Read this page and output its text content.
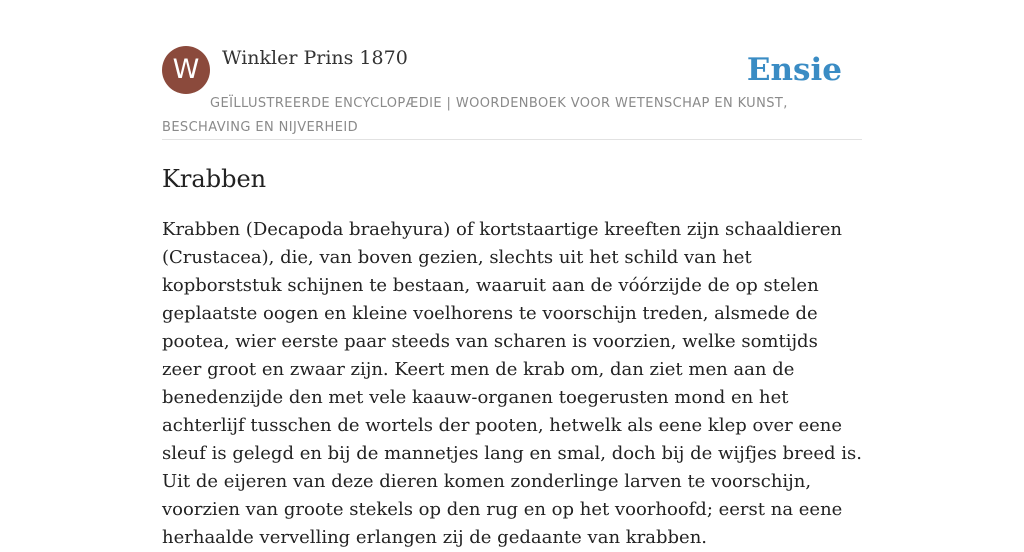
W	Winkler Prins 1870	Ensie
GEÏLLUSTREERDE ENCYCLOPÆDIE | WOORDENBOEK VOOR WETENSCHAP EN KUNST, BESCHAVING EN NIJVERHEID
Krabben

Krabben (Decapoda braehyura) of kortstaartige kreeften zijn schaaldieren (Crustacea), die, van boven gezien, slechts uit het schild van het kopborststuk schijnen te bestaan, waaruit aan de vóórzijde de op stelen geplaatste oogen en kleine voelhorens te voorschijn treden, alsmede de pootea, wier eerste paar steeds van scharen is voorzien, welke somtijds zeer groot en zwaar zijn. Keert men de krab om, dan ziet men aan de benedenzijde den met vele kaauw-organen toegerusten mond en het achterlijf tusschen de wortels der pooten, hetwelk als eene klep over eene sleuf is gelegd en bij de mannetjes lang en smal, doch bij de wijfjes breed is. Uit de eijeren van deze dieren komen zonderlinge larven te voorschijn, voorzien van groote stekels op den rug en op het voorhoofd; eerst na eene herhaalde vervelling erlangen zij de gedaante van krabben.
